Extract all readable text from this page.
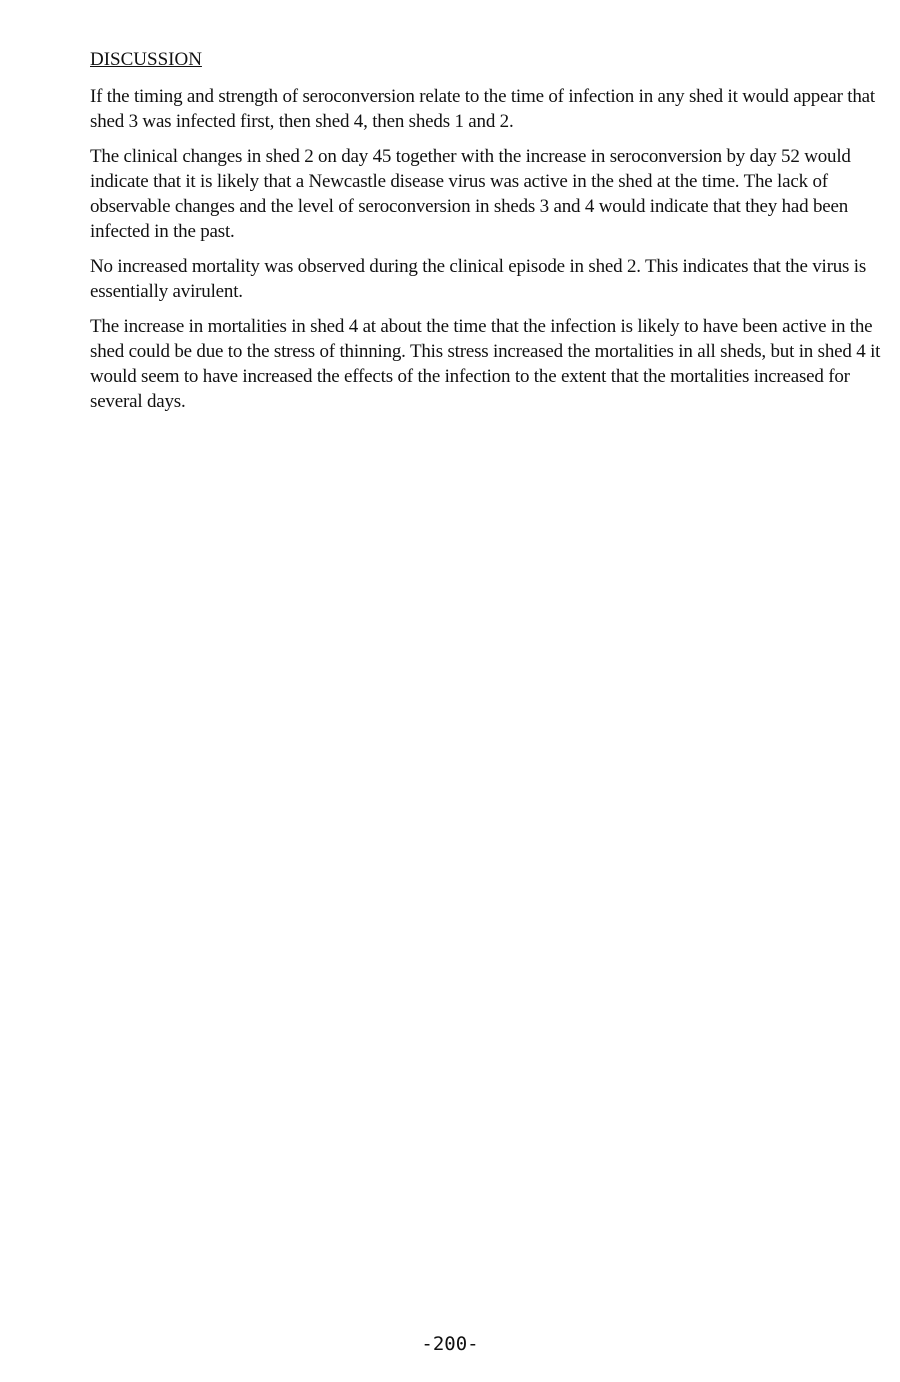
DISCUSSION

If the timing and strength of seroconversion relate to the time of infection in any shed it would appear that shed 3 was infected first, then shed 4, then sheds 1 and 2.

The clinical changes in shed 2 on day 45 together with the increase in seroconversion by day 52 would indicate that it is likely that a Newcastle disease virus was active in the shed at the time. The lack of observable changes and the level of seroconversion in sheds 3 and 4 would indicate that they had been infected in the past.

No increased mortality was observed during the clinical episode in shed 2. This indicates that the virus is essentially avirulent.

The increase in mortalities in shed 4 at about the time that the infection is likely to have been active in the shed could be due to the stress of thinning. This stress increased the mortalities in all sheds, but in shed 4 it would seem to have increased the effects of the infection to the extent that the mortalities increased for several days.

-200-
